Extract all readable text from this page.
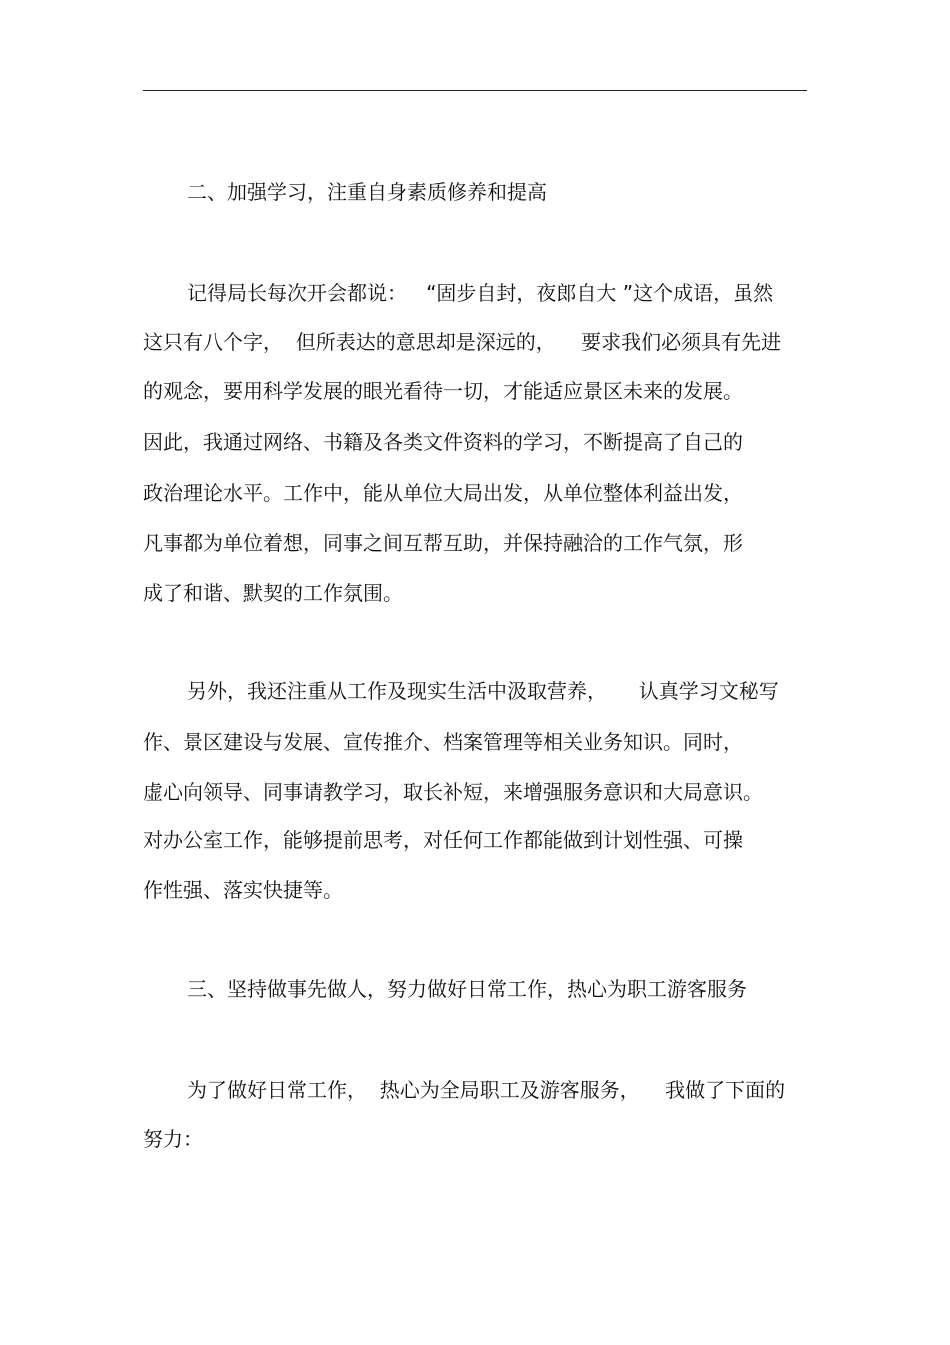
二、加强学习，注重自身素质修养和提高
记得局长每次开会都说：   “固步自封，夜郎自大 ”这个成语，虽然
这只有八个字，  但所表达的意思却是深远的，    要求我们必须具有先进
的观念，要用科学发展的眼光看待一切，才能适应景区未来的发展。
因此，我通过网络、书籍及各类文件资料的学习，不断提高了自己的
政治理论水平。工作中，能从单位大局出发，从单位整体利益出发，
凡事都为单位着想，同事之间互帮互助，并保持融洽的工作气氛，形
成了和谐、默契的工作氛围。
另外，我还注重从工作及现实生活中汲取营养，     认真学习文秘写
作、景区建设与发展、宣传推介、档案管理等相关业务知识。同时，
虚心向领导、同事请教学习，取长补短，来增强服务意识和大局意识。
对办公室工作，能够提前思考，对任何工作都能做到计划性强、可操
作性强、落实快捷等。
三、坚持做事先做人，努力做好日常工作，热心为职工游客服务
为了做好日常工作，  热心为全局职工及游客服务，    我做了下面的
努力：
